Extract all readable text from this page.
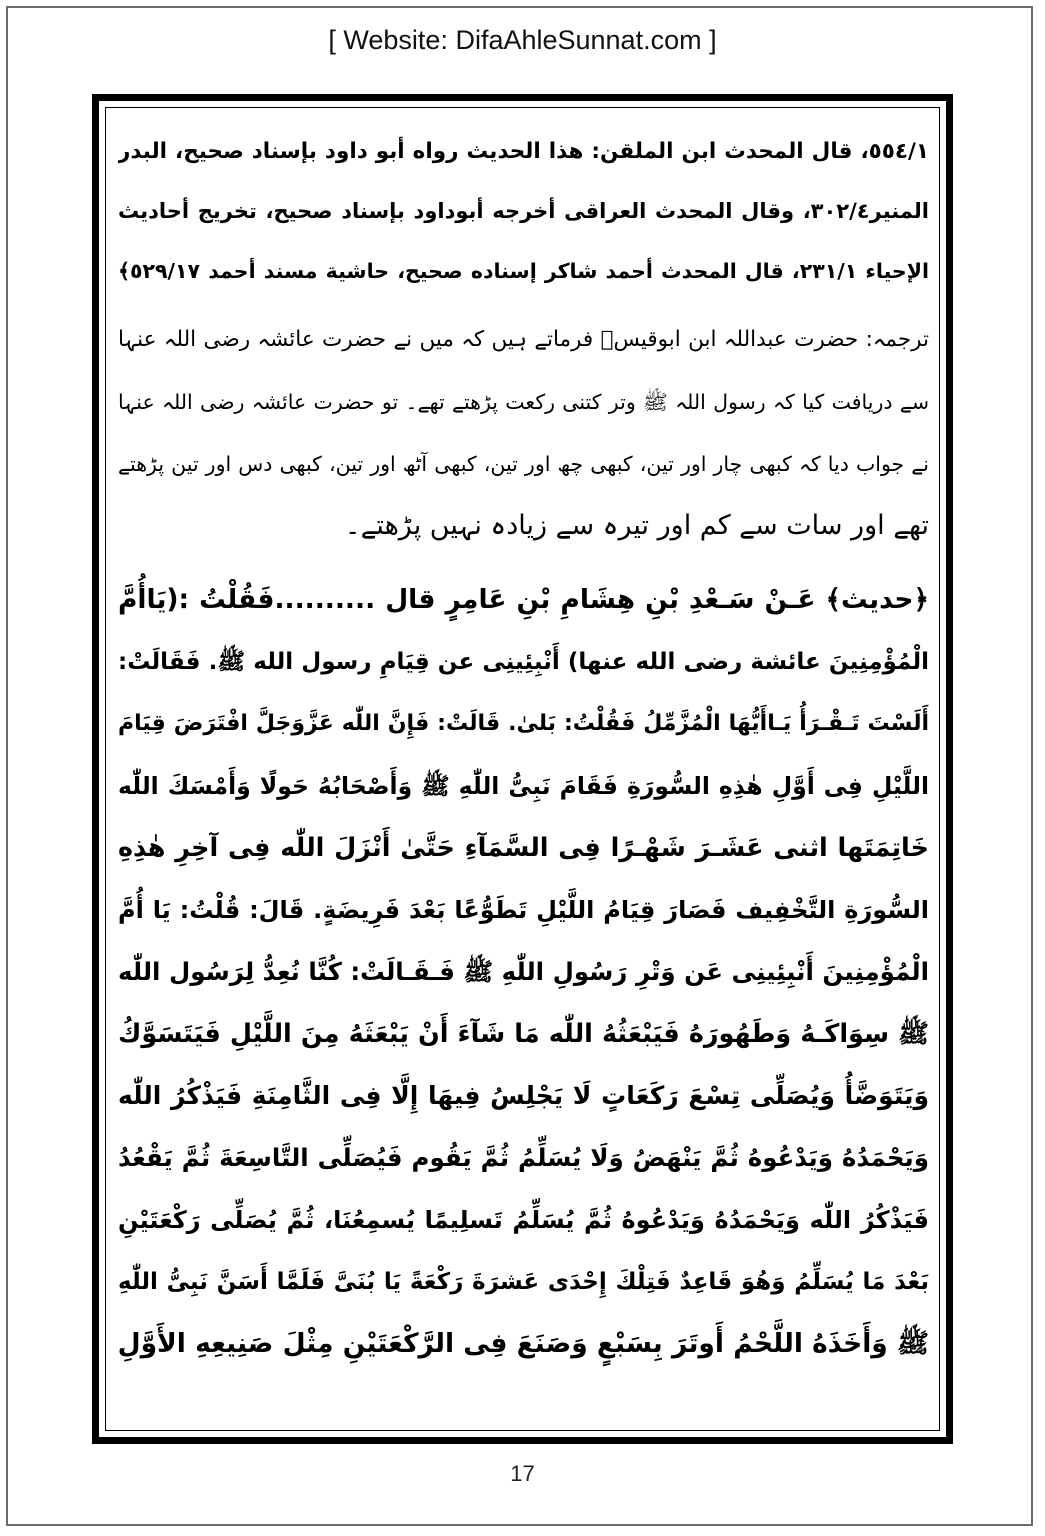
[ Website: DifaAhleSunnat.com ]
٥٥٤/١، قال المحدث ابن الملقن: هذا الحديث رواه أبو داود بإسناد صحيح، البدر
المنير٣٠٢/٤، وقال المحدث العراقى أخرجه أبوداود بإسناد صحيح، تخريج أحاديث
الإحياء ٢٣١/١، قال المحدث أحمد شاكر إسناده صحيح، حاشية مسند أحمد ٥٢٩/١٧﴾
ترجمہ: حضرت عبداللہ ابن ابوقیسؒ فرماتے ہیں کہ میں نے حضرت عائشہ رضی اللہ عنہا
سے دریافت کیا کہ رسول اللہ ﷺ وتر کتنی رکعت پڑھتے تھے۔ تو حضرت عائشہ رضی اللہ عنہا
نے جواب دیا کہ کبھی چار اور تین، کبھی چھ اور تین، کبھی آٹھ اور تین، کبھی دس اور تین پڑھتے
تھے اور سات سے کم اور تیرہ سے زیادہ نہیں پڑھتے۔
﴿حديث﴾ عَـنْ سَـعْدِ بْنِ هِشَامِ بْنِ عَامِرٍ قال ..........فَقُلْتُ :(يَاأُمَّ
الْمُؤْمِنِينَ عائشة رضى الله عنها) أَنْبِئِينِى عن قِيَامِ رسول الله ﷺ. فَقَالَتْ:
أَلَسْتَ تَـقْـرَأُ يَـاأَيُّهَا الْمُزَّمِّلُ فَقُلْتُ: بَلىٰ. قَالَتْ: فَإِنَّ اللّٰه عَزَّوَجَلَّ افْتَرَضَ قِيَامَ
اللَّيْلِ فِى أَوَّلِ هٰذِهِ السُّورَةِ فَقَامَ نَبِىُّ اللّٰهِ ﷺ وَأَصْحَابُهُ حَولًا وَأَمْسَكَ اللّٰه
خَاتِمَتَها اثنى عَشَـرَ شَهْـرًا فِى السَّمَآءِ حَتَّىٰ أَنْزَلَ اللّٰه فِى آخِرِ هٰذِهِ
السُّورَةِ التَّخْفِيف فَصَارَ قِيَامُ اللَّيْلِ تَطَوُّعًا بَعْدَ فَرِيضَةٍ. قَالَ: قُلْتُ: يَا أُمَّ
الْمُؤْمِنِينَ أَنْبِئِينِى عَن وَتْرِ رَسُولِ اللّٰهِ ﷺ فَـقَـالَتْ: كُنَّا نُعِدُّ لِرَسُول اللّٰه
ﷺ سِوَاكَـهُ وَطَهُورَهُ فَيَبْعَثُهُ اللّٰه مَا شَآءَ أَنْ يَبْعَثَهُ مِنَ اللَّيْلِ فَيَتَسَوَّكُ
وَيَتَوَضَّأُ وَيُصَلِّى تِسْعَ رَكَعَاتٍ لَا يَجْلِسُ فِيهَا إِلَّا فِى الثَّامِنَةِ فَيَذْكُرُ اللّٰه
وَيَحْمَدُهُ وَيَدْعُوهُ ثُمَّ يَنْهَضُ وَلَا يُسَلِّمُ ثُمَّ يَقُوم فَيُصَلِّى التَّاسِعَةَ ثُمَّ يَقْعُدُ
فَيَذْكُرُ اللّٰه وَيَحْمَدُهُ وَيَدْعُوهُ ثُمَّ يُسَلِّمُ تَسلِيمًا يُسمِعُنَا، ثُمَّ يُصَلِّى رَكْعَتَيْنِ
بَعْدَ مَا يُسَلِّمُ وَهُوَ قَاعِدٌ فَتِلْكَ إِحْدَى عَشرَةَ رَكْعَةً يَا بُنَىَّ فَلَمَّا أَسَنَّ نَبِىُّ اللّٰهِ
ﷺ وَأَخَذَهُ اللَّحْمُ أَوتَرَ بِسَبْعٍ وَصَنَعَ فِى الرَّكْعَتَيْنِ مِثْلَ صَنِيعِهِ الأَوَّلِ
17
